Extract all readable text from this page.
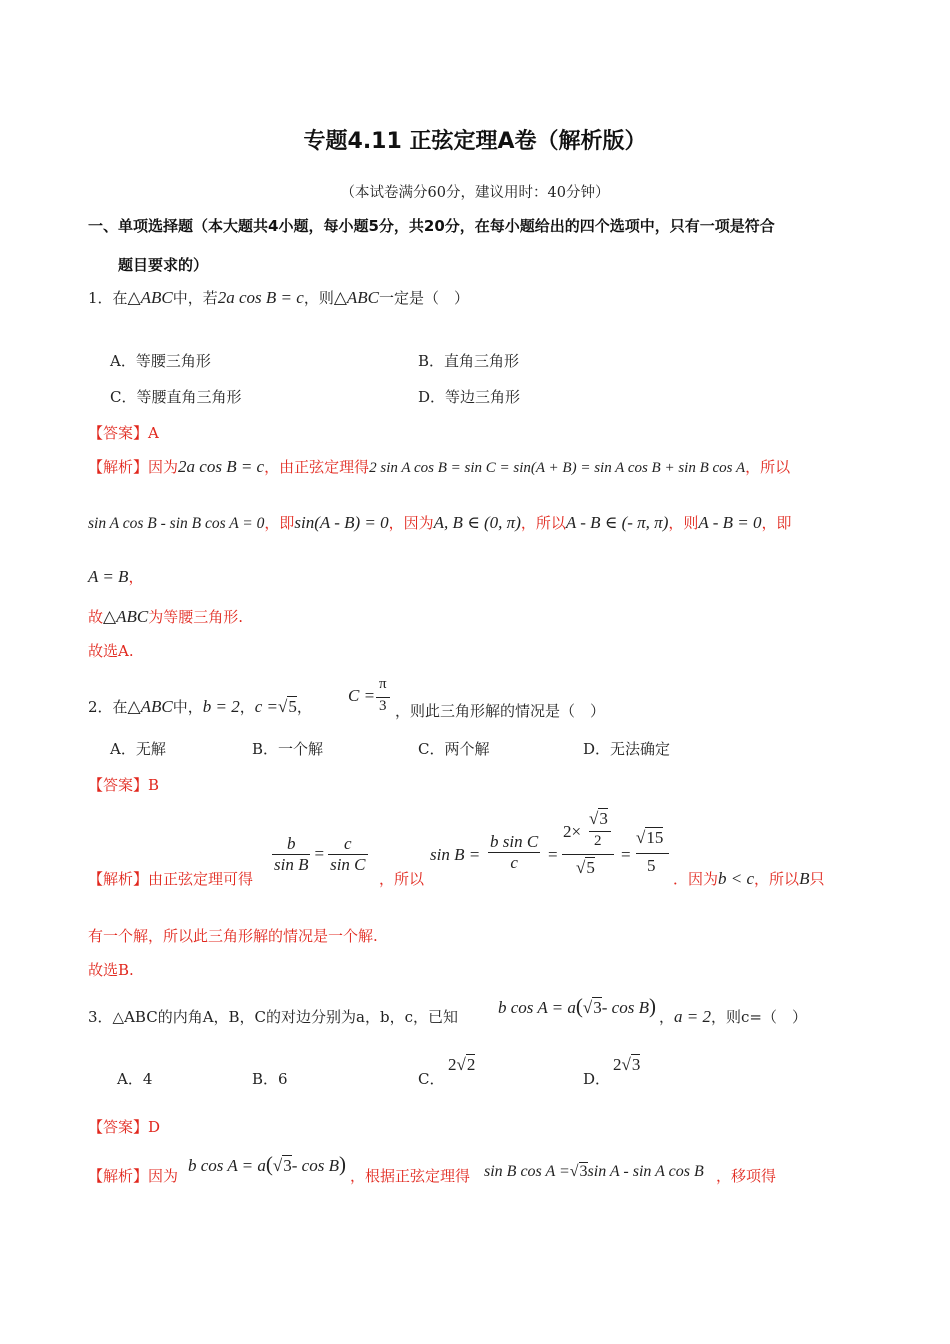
专题4.11 正弦定理A卷（解析版）
（本试卷满分60分，建议用时：40分钟）
一、单项选择题（本大题共4小题，每小题5分，共20分，在每小题给出的四个选项中，只有一项是符合
题目要求的）
1．在△ABC中，若2a cos B = c，则△ABC一定是（　）
A．等腰三角形	B．直角三角形
C．等腰直角三角形	D．等边三角形
【答案】A
【解析】因为2a cos B = c，由正弦定理得2 sin A cos B = sin C = sin(A + B) = sin A cos B + sin B cos A，所以
sin A cos B - sin B cos A = 0，即sin(A - B) = 0，因为A, B ∈ (0, π)，所以A - B ∈ (- π, π)，则A - B = 0，即
A = B，
故△ABC为等腰三角形.
故选A.
2．在△ABC中，b = 2，c =√5，
C =
π
3 ，则此三角形解的情况是（　）
A．无解	B．一个解	C．两个解	D．无法确定
【答案】B
【解析】由正弦定理可得
$\frac{b}{\text{sin B}} = \frac{c}{\text{sin C}}$
，所以
$\sin B = \frac{\text{b sin C}}{c}$ =
2×
√3
2
√5
=
√15
5
．因为b < c，所以B只
有一个解，所以此三角形解的情况是一个解.
故选B.
3．△ABC的内角A，B，C的对边分别为a，b，c，已知 b cos A = a(√3- cos B) ，a = 2，则c=（　）
A．4	B．6	C．
2√2
D．
2√3
【答案】D
【解析】因为
b cos A = a(√3- cos B) ，根据正弦定理得 sin B cos A =√3sin A - sin A cos B ，移项得
